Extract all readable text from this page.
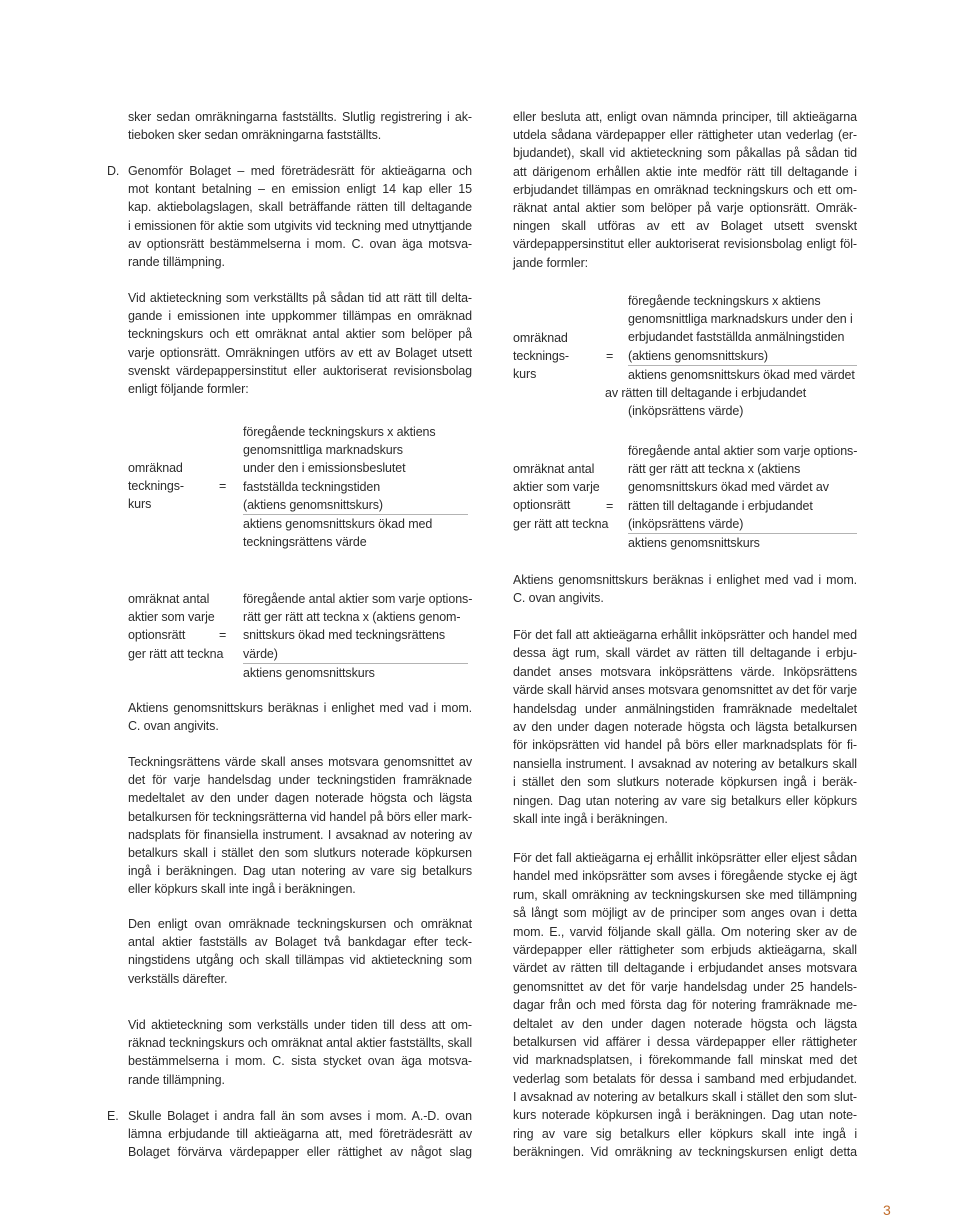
sker sedan omräkningarna fastställts. Slutlig registrering i ak-
tieboken sker sedan omräkningarna fastställts.
D. Genomför Bolaget – med företrädesrätt för aktieägarna och
mot kontant betalning – en emission enligt 14 kap eller 15
kap. aktiebolagslagen, skall beträffande rätten till deltagande
i emissionen för aktie som utgivits vid teckning med utnyttjande
av optionsrätt bestämmelserna i mom. C. ovan äga motsva-
rande tillämpning.
Vid aktieteckning som verkställts på sådan tid att rätt till delta-
gande i emissionen inte uppkommer tillämpas en omräknad
teckningskurs och ett omräknat antal aktier som belöper på
varje optionsrätt. Omräkningen utförs av ett av Bolaget utsett
svenskt värdepappersinstitut eller auktoriserat revisionsbolag
enligt följande formler:
omräknad
tecknings-
kurs
=
föregående teckningskurs x aktiens
genomsnittliga marknadskurs
under den i emissionsbeslutet
fastställda teckningstiden
(aktiens genomsnittskurs)
aktiens genomsnittskurs ökad med
teckningsrättens värde
omräknat antal
aktier som varje
optionsrätt
ger rätt att teckna
=
föregående antal aktier som varje options-
rätt ger rätt att teckna x (aktiens genom-
snittskurs ökad med teckningsrättens
värde)
aktiens genomsnittskurs
Aktiens genomsnittskurs beräknas i enlighet med vad i mom.
C. ovan angivits.
Teckningsrättens värde skall anses motsvara genomsnittet av
det för varje handelsdag under teckningstiden framräknade
medeltalet av den under dagen noterade högsta och lägsta
betalkursen för teckningsrätterna vid handel på börs eller mark-
nadsplats för finansiella instrument. I avsaknad av notering av
betalkurs skall i stället den som slutkurs noterade köpkursen
ingå i beräkningen. Dag utan notering av vare sig betalkurs
eller köpkurs skall inte ingå i beräkningen.
Den enligt ovan omräknade teckningskursen och omräknat
antal aktier fastställs av Bolaget två bankdagar efter teck-
ningstidens utgång och skall tillämpas vid aktieteckning som
verkställs därefter.
Vid aktieteckning som verkställs under tiden till dess att om-
räknad teckningskurs och omräknat antal aktier fastställts, skall
bestämmelserna i mom. C. sista stycket ovan äga motsva-
rande tillämpning.
E. Skulle Bolaget i andra fall än som avses i mom. A.-D. ovan
lämna erbjudande till aktieägarna att, med företrädesrätt av
Bolaget förvärva värdepapper eller rättighet av något slag
eller besluta att, enligt ovan nämnda principer, till aktieägarna
utdela sådana värdepapper eller rättigheter utan vederlag (er-
bjudandet), skall vid aktieteckning som påkallas på sådan tid
att därigenom erhållen aktie inte medför rätt till deltagande i
erbjudandet tillämpas en omräknad teckningskurs och ett om-
räknat antal aktier som belöper på varje optionsrätt. Omräk-
ningen skall utföras av ett av Bolaget utsett svenskt
värdepappersinstitut eller auktoriserat revisionsbolag enligt föl-
jande formler:
omräknad
tecknings-
kurs
=
föregående teckningskurs x aktiens
genomsnittliga marknadskurs under den i
erbjudandet fastställda anmälningstiden
(aktiens genomsnittskurs)
aktiens genomsnittskurs ökad med värdet
av rätten till deltagande i erbjudandet
(inköpsrättens värde)
omräknat antal
aktier som varje
optionsrätt
ger rätt att teckna
=
föregående antal aktier som varje options-
rätt ger rätt att teckna x (aktiens
genomsnittskurs ökad med värdet av
rätten till deltagande i erbjudandet
(inköpsrättens värde)
aktiens genomsnittskurs
Aktiens genomsnittskurs beräknas i enlighet med vad i mom.
C. ovan angivits.
För det fall att aktieägarna erhållit inköpsrätter och handel med
dessa ägt rum, skall värdet av rätten till deltagande i erbju-
dandet anses motsvara inköpsrättens värde. Inköpsrättens
värde skall härvid anses motsvara genomsnittet av det för varje
handelsdag under anmälningstiden framräknade medeltalet
av den under dagen noterade högsta och lägsta betalkursen
för inköpsrätten vid handel på börs eller marknadsplats för fi-
nansiella instrument. I avsaknad av notering av betalkurs skall
i stället den som slutkurs noterade köpkursen ingå i beräk-
ningen. Dag utan notering av vare sig betalkurs eller köpkurs
skall inte ingå i beräkningen.
För det fall aktieägarna ej erhållit inköpsrätter eller eljest sådan
handel med inköpsrätter som avses i föregående stycke ej ägt
rum, skall omräkning av teckningskursen ske med tillämpning
så långt som möjligt av de principer som anges ovan i detta
mom. E., varvid följande skall gälla. Om notering sker av de
värdepapper eller rättigheter som erbjuds aktieägarna, skall
värdet av rätten till deltagande i erbjudandet anses motsvara
genomsnittet av det för varje handelsdag under 25 handels-
dagar från och med första dag för notering framräknade me-
deltalet av den under dagen noterade högsta och lägsta
betalkursen vid affärer i dessa värdepapper eller rättigheter
vid marknadsplatsen, i förekommande fall minskat med det
vederlag som betalats för dessa i samband med erbjudandet.
I avsaknad av notering av betalkurs skall i stället den som slut-
kurs noterade köpkursen ingå i beräkningen. Dag utan note-
ring av vare sig betalkurs eller köpkurs skall inte ingå i
beräkningen. Vid omräkning av teckningskursen enligt detta
3
